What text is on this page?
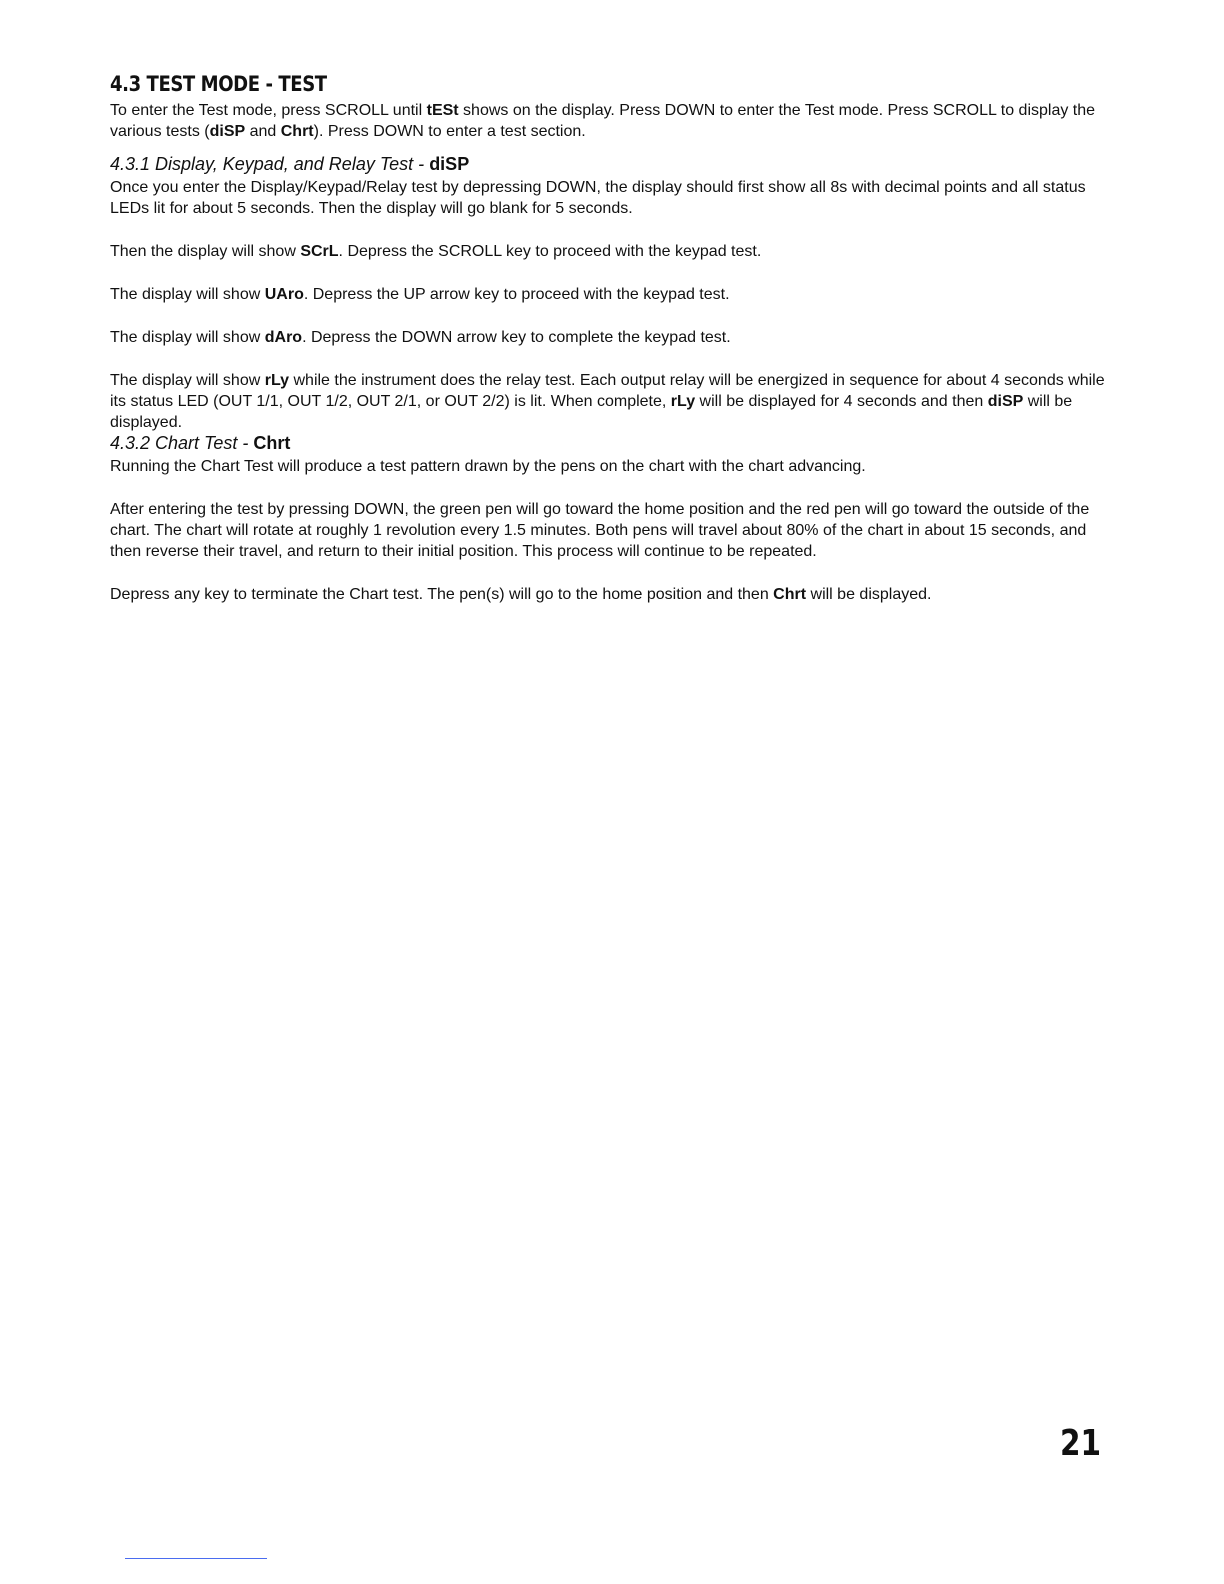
4.3 TEST MODE - TEST

To enter the Test mode, press SCROLL until tESt shows on the display. Press DOWN to enter the Test mode. Press SCROLL to display the various tests (diSP and Chrt). Press DOWN to enter a test section.

4.3.1 Display, Keypad, and Relay Test - diSP

Once you enter the Display/Keypad/Relay test by depressing DOWN, the display should first show all 8s with decimal points and all status LEDs lit for about 5 seconds. Then the display will go blank for 5 seconds.

Then the display will show SCrL. Depress the SCROLL key to proceed with the keypad test.

The display will show UAro. Depress the UP arrow key to proceed with the keypad test.

The display will show dAro. Depress the DOWN arrow key to complete the keypad test.

The display will show rLy while the instrument does the relay test. Each output relay will be energized in sequence for about 4 seconds while its status LED (OUT 1/1, OUT 1/2, OUT 2/1, or OUT 2/2) is lit. When complete, rLy will be displayed for 4 seconds and then diSP will be displayed.

4.3.2 Chart Test - Chrt

Running the Chart Test will produce a test pattern drawn by the pens on the chart with the chart advancing.

After entering the test by pressing DOWN, the green pen will go toward the home position and the red pen will go toward the outside of the chart. The chart will rotate at roughly 1 revolution every 1.5 minutes. Both pens will travel about 80% of the chart in about 15 seconds, and then reverse their travel, and return to their initial position. This process will continue to be repeated.

Depress any key to terminate the Chart test. The pen(s) will go to the home position and then Chrt will be displayed.

21
